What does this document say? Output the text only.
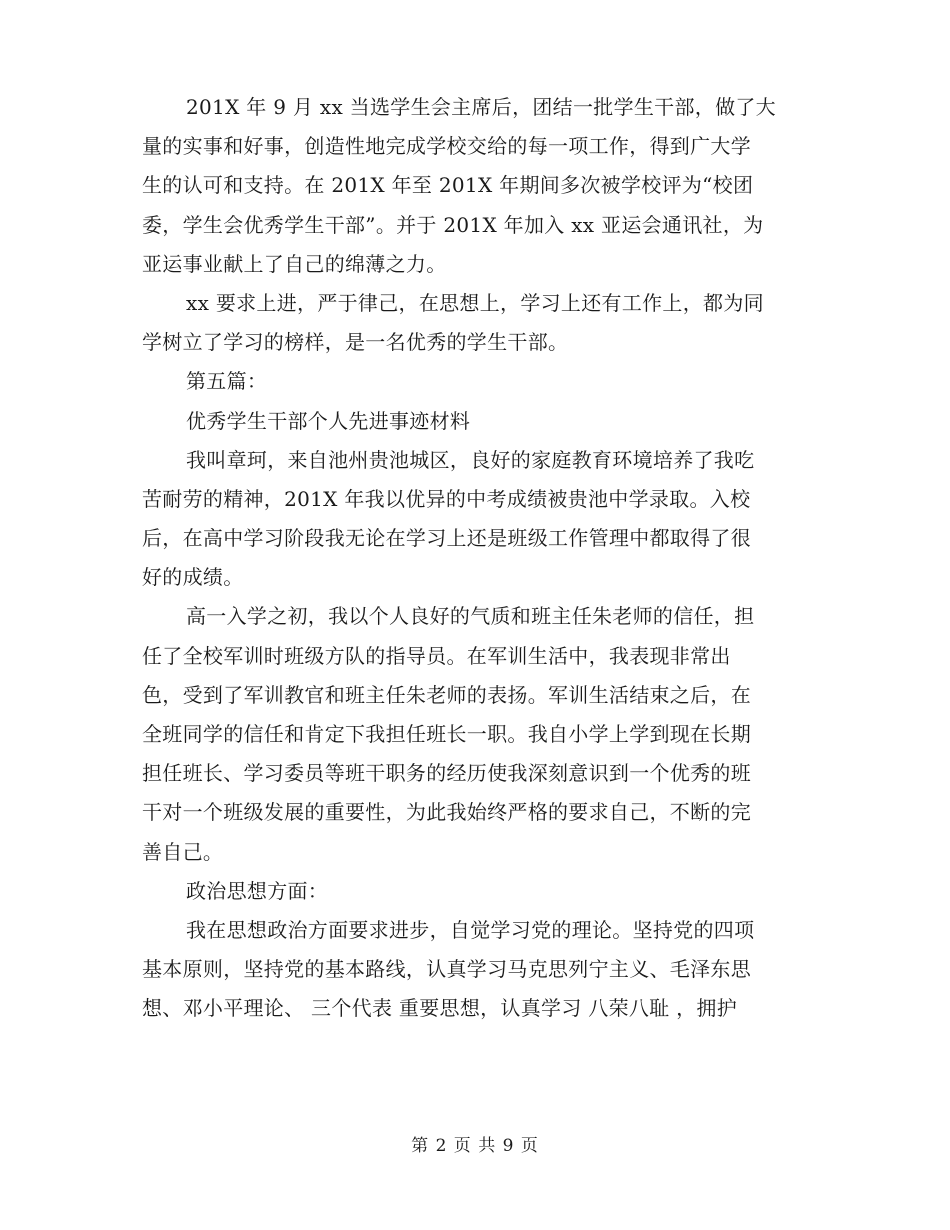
201X 年 9 月 xx 当选学生会主席后，团结一批学生干部，做了大
量的实事和好事，创造性地完成学校交给的每一项工作，得到广大学
生的认可和支持。在 201X 年至 201X 年期间多次被学校评为“校团
委，学生会优秀学生干部”。并于 201X 年加入 xx 亚运会通讯社，为
亚运事业献上了自己的绵薄之力。
xx 要求上进，严于律己，在思想上，学习上还有工作上，都为同
学树立了学习的榜样，是一名优秀的学生干部。
第五篇：
优秀学生干部个人先进事迹材料
我叫章珂，来自池州贵池城区，良好的家庭教育环境培养了我吃
苦耐劳的精神，201X 年我以优异的中考成绩被贵池中学录取。入校
后，在高中学习阶段我无论在学习上还是班级工作管理中都取得了很
好的成绩。
高一入学之初，我以个人良好的气质和班主任朱老师的信任，担
任了全校军训时班级方队的指导员。在军训生活中，我表现非常出
色，受到了军训教官和班主任朱老师的表扬。军训生活结束之后，在
全班同学的信任和肯定下我担任班长一职。我自小学上学到现在长期
担任班长、学习委员等班干职务的经历使我深刻意识到一个优秀的班
干对一个班级发展的重要性，为此我始终严格的要求自己，不断的完
善自己。
政治思想方面：
我在思想政治方面要求进步，自觉学习党的理论。坚持党的四项
基本原则，坚持党的基本路线，认真学习马克思列宁主义、毛泽东思
想、邓小平理论、 三个代表 重要思想，认真学习 八荣八耻 ，拥护
第 2 页 共 9 页
